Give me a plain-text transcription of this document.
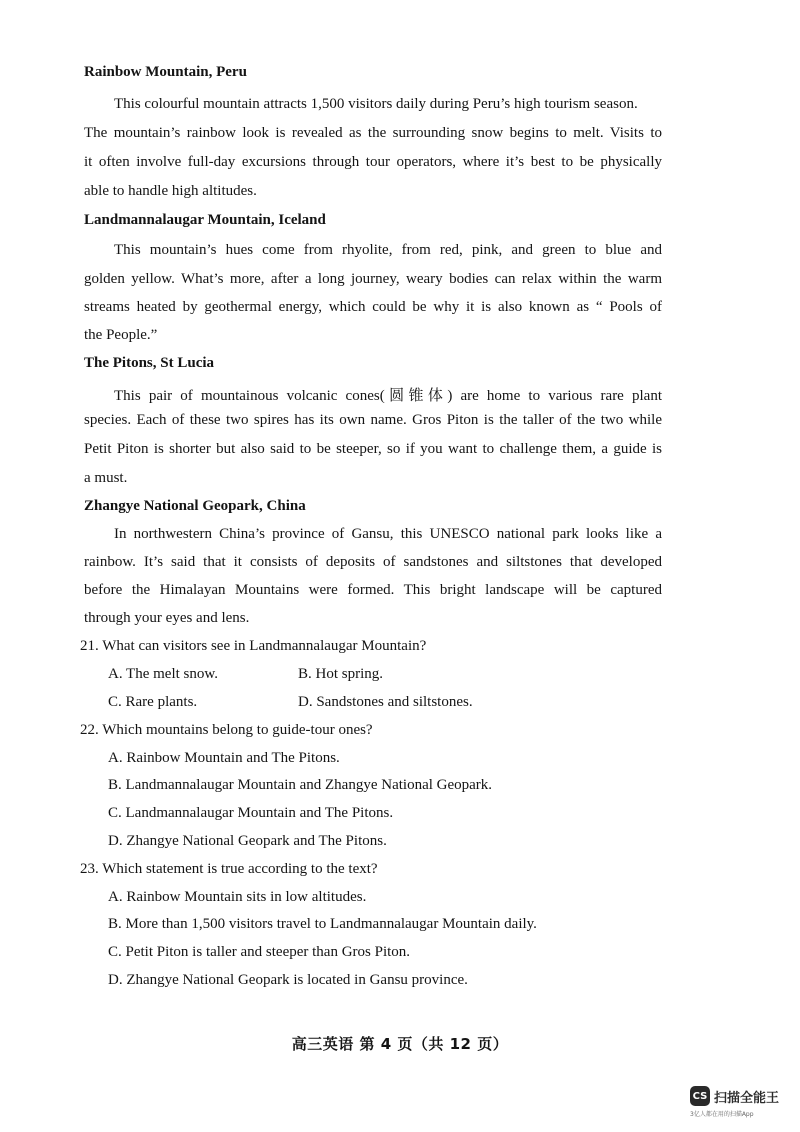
Rainbow Mountain, Peru
This colourful mountain attracts 1,500 visitors daily during Peru’s high tourism season.
The mountain’s rainbow look is revealed as the surrounding snow begins to melt. Visits to
it often involve full-day excursions through tour operators, where it’s best to be physically
able to handle high altitudes.
Landmannalaugar Mountain, Iceland
This mountain’s hues come from rhyolite, from red, pink, and green to blue and
golden yellow. What’s more, after a long journey, weary bodies can relax within the warm
streams heated by geothermal energy, which could be why it is also known as “ Pools of
the People.”
The Pitons, St Lucia
This pair of mountainous volcanic cones(圆锥体) are home to various rare plant
species. Each of these two spires has its own name. Gros Piton is the taller of the two while
Petit Piton is shorter but also said to be steeper, so if you want to challenge them, a guide is
a must.
Zhangye National Geopark, China
In northwestern China’s province of Gansu, this UNESCO national park looks like a
rainbow. It’s said that it consists of deposits of sandstones and siltstones that developed
before the Himalayan Mountains were formed. This bright landscape will be captured
through your eyes and lens.
21. What can visitors see in Landmannalaugar Mountain?
A. The melt snow.	B. Hot spring.
C. Rare plants.	D. Sandstones and siltstones.
22. Which mountains belong to guide-tour ones?
A. Rainbow Mountain and The Pitons.
B. Landmannalaugar Mountain and Zhangye National Geopark.
C. Landmannalaugar Mountain and The Pitons.
D. Zhangye National Geopark and The Pitons.
23. Which statement is true according to the text?
A. Rainbow Mountain sits in low altitudes.
B. More than 1,500 visitors travel to Landmannalaugar Mountain daily.
C. Petit Piton is taller and steeper than Gros Piton.
D. Zhangye National Geopark is located in Gansu province.
高三英语 第 4 页（共 12 页）
CS 扫描全能王
3亿人都在用的扫描App
